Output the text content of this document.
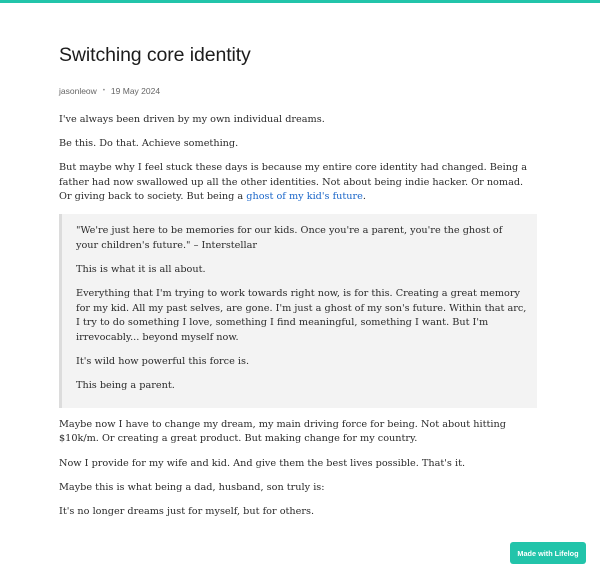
Switching core identity
jasonleow • 19 May 2024

I've always been driven by my own individual dreams.

Be this. Do that. Achieve something.

But maybe why I feel stuck these days is because my entire core identity had changed. Being a father had now swallowed up all the other identities. Not about being indie hacker. Or nomad. Or giving back to society. But being a ghost of my kid's future.

"We're just here to be memories for our kids. Once you're a parent, you're the ghost of your children's future." – Interstellar

This is what it is all about.

Everything that I'm trying to work towards right now, is for this. Creating a great memory for my kid. All my past selves, are gone. I'm just a ghost of my son's future. Within that arc, I try to do something I love, something I find meaningful, something I want. But I'm irrevocably... beyond myself now.

It's wild how powerful this force is.

This being a parent.

Maybe now I have to change my dream, my main driving force for being. Not about hitting $10k/m. Or creating a great product. But making change for my country.

Now I provide for my wife and kid. And give them the best lives possible. That's it.

Maybe this is what being a dad, husband, son truly is:

It's no longer dreams just for myself, but for others.

Made with Lifelog
